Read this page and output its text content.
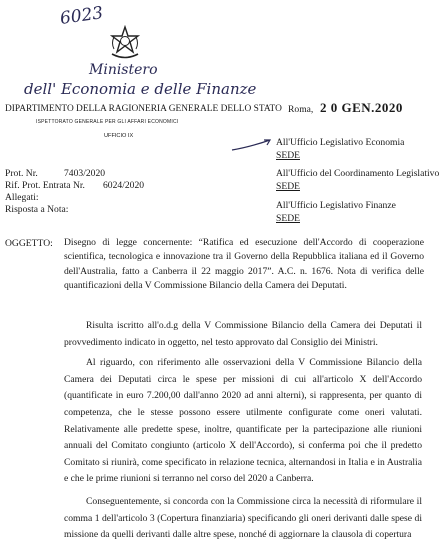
6023
Ministero
dell' Economia e delle Finanze
DIPARTIMENTO DELLA RAGIONERIA GENERALE DELLO STATO
ISPETTORATO GENERALE PER GLI AFFARI ECONOMICI
UFFICIO IX
Roma, 2 0 GEN.2020
All'Ufficio Legislativo Economia
SEDE
All'Ufficio del Coordinamento Legislativo
SEDE
All'Ufficio Legislativo Finanze
SEDE
Prot. Nr.	7403/2020
Rif. Prot. Entrata Nr. 6024/2020
Allegati:
Risposta a Nota:
OGGETTO: Disegno di legge concernente: “Ratifica ed esecuzione dell'Accordo di cooperazione scientifica, tecnologica e innovazione tra il Governo della Repubblica italiana ed il Governo dell'Australia, fatto a Canberra il 22 maggio 2017”. A.C. n. 1676. Nota di verifica delle quantificazioni della V Commissione Bilancio della Camera dei Deputati.
Risulta iscritto all'o.d.g della V Commissione Bilancio della Camera dei Deputati il provvedimento indicato in oggetto, nel testo approvato dal Consiglio dei Ministri.
Al riguardo, con riferimento alle osservazioni della V Commissione Bilancio della Camera dei Deputati circa le spese per missioni di cui all'articolo X dell'Accordo (quantificate in euro 7.200,00 dall'anno 2020 ad anni alterni), si rappresenta, per quanto di competenza, che le stesse possono essere utilmente configurate come oneri valutati. Relativamente alle predette spese, inoltre, quantificate per la partecipazione alle riunioni annuali del Comitato congiunto (articolo X dell'Accordo), si conferma poi che il predetto Comitato si riunirà, come specificato in relazione tecnica, alternandosi in Italia e in Australia e che le prime riunioni si terranno nel corso del 2020 a Canberra.
Conseguentemente, si concorda con la Commissione circa la necessità di riformulare il comma 1 dell'articolo 3 (Copertura finanziaria) specificando gli oneri derivanti dalle spese di missione da quelli derivanti dalle altre spese, nonché di aggiornare la clausola di copertura
